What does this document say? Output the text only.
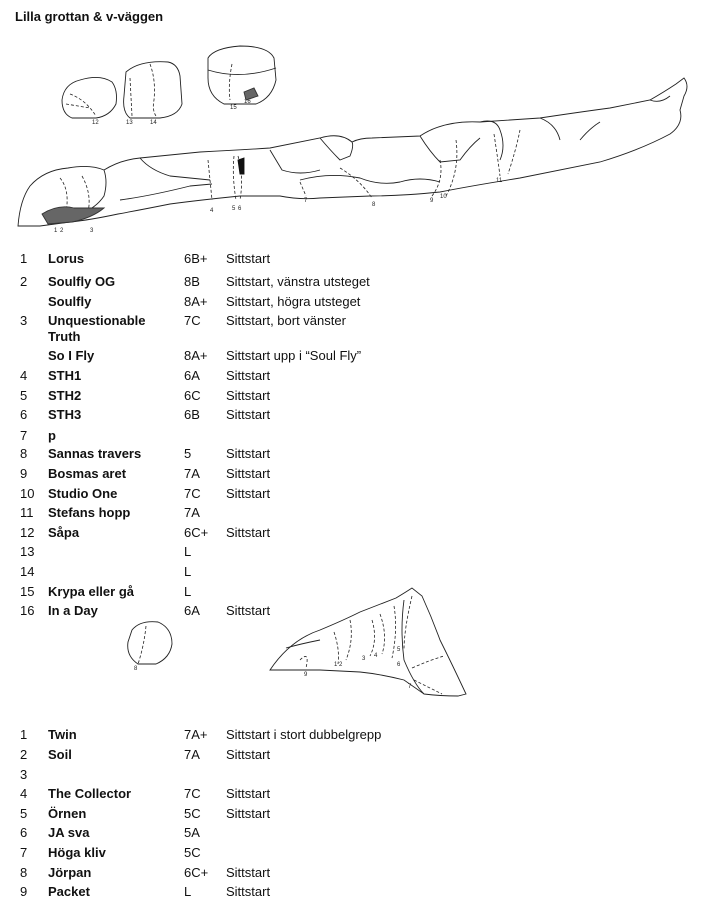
Lilla grottan & v-väggen
12	13	14
15
16
1 2	3
4	5 6
7
8
9
10
11
8
9
1 2
3 4
5
6
7
1 Lorus	6B+ Sittstart
2 Soulfly OG	8B Sittstart, vänstra utsteget
Soulfly	8A+ Sittstart, högra utsteget
3 Unquestionable Truth
7C Sittstart, bort vänster
So I Fly	8A+ Sittstart upp i “Soul Fly”
4 STH1	6A Sittstart
5 STH2	6C Sittstart
6 STH3	6B Sittstart
7 p
8 Sannas travers	5	Sittstart
9 Bosmas aret	7A Sittstart
10 Studio One	7C Sittstart
11 Stefans hopp	7A
12 Såpa	6C+ Sittstart
13	L
14	L
15 Krypa eller gå	L
16 In a Day	6A Sittstart
1 Twin	7A+ Sittstart i stort dubbelgrepp
2 Soil	7A Sittstart
3
4 The Collector	7C Sittstart
5 Örnen	5C Sittstart
6 JA sva	5A
7 Höga kliv	5C
8 Jörpan	6C+ Sittstart
9 Packet	L	Sittstart
